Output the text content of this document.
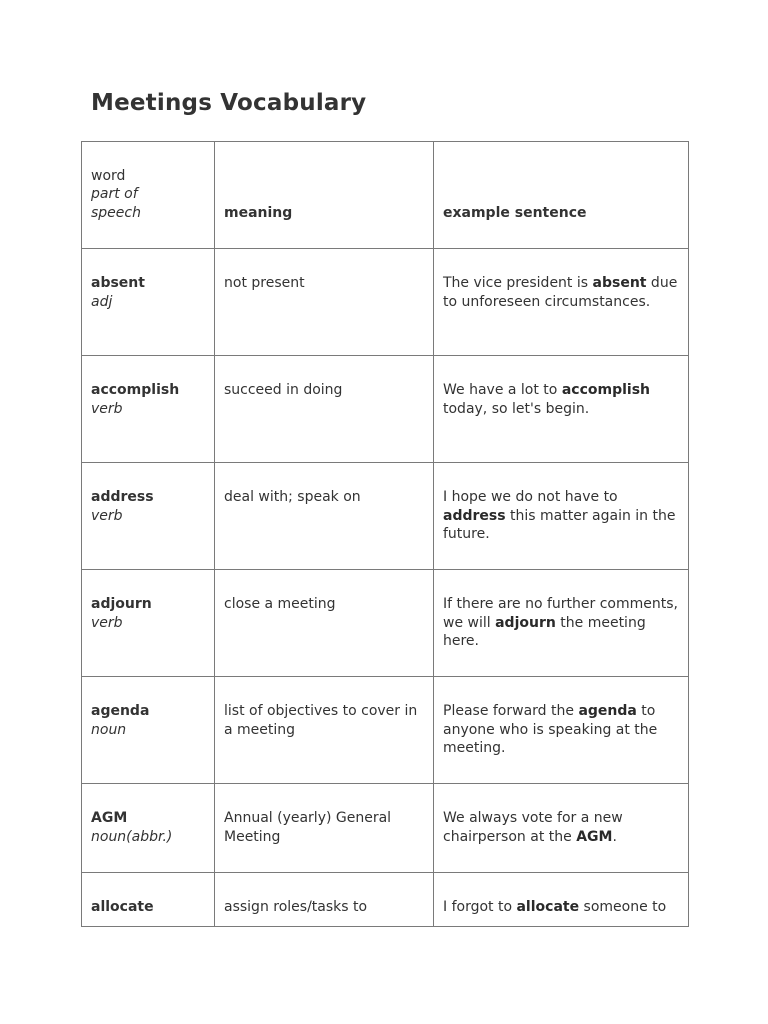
Meetings Vocabulary
word
part of
speech	meaning	example sentence

absent
adj	not present	The vice president is absent due to unforeseen circumstances.

accomplish
verb	succeed in doing	We have a lot to accomplish today, so let's begin.

address
verb	deal with; speak on	I hope we do not have to address this matter again in the future.

adjourn
verb	close a meeting	If there are no further comments, we will adjourn the meeting here.

agenda
noun	list of objectives to cover in a meeting	Please forward the agenda to anyone who is speaking at the meeting.

AGM
noun(abbr.)	Annual (yearly) General Meeting	We always vote for a new chairperson at the AGM.

allocate	assign roles/tasks to	I forgot to allocate someone to
